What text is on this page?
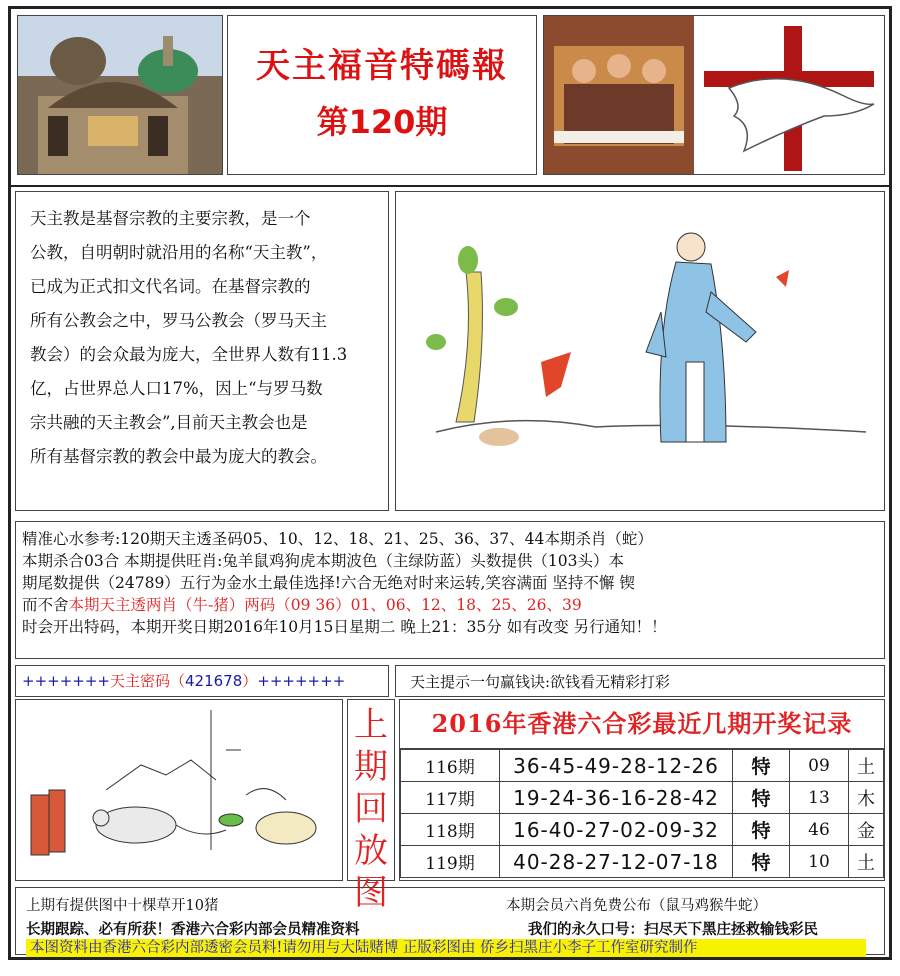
天主福音特碼報
第120期
天主教是基督宗教的主要宗教，是一个
公教，自明朝时就沿用的名称“天主教”，
已成为正式扣文代名词。在基督宗教的
所有公教会之中，罗马公教会（罗马天主
教会）的会众最为庞大，全世界人数有11.3
亿，占世界总人口17%，因上“与罗马数
宗共融的天主教会”,目前天主教会也是
所有基督宗教的教会中最为庞大的教会。
精准心水参考:120期天主透圣码05、10、12、18、21、25、36、37、44本期杀肖（蛇）
本期杀合03合 本期提供旺肖:兔羊鼠鸡狗虎本期波色（主绿防蓝）头数提供（103头）本
期尾数提供（24789）五行为金水土最佳选择!六合无绝对时来运转,笑容满面 坚持不懈 锲
而不舍本期天主透两肖（牛-猪）两码（09 36）01、06、12、18、25、26、39
时会开出特码，本期开奖日期2016年10月15日星期二 晚上21：35分 如有改变 另行通知！！
+++++++天主密码（421678）+++++++	天主提示一句赢钱诀:欲钱看无精彩打彩
上
期
回
放
图
2016年香港六合彩最近几期开奖记录
116期	36-45-49-28-12-26	特	09	土
117期	19-24-36-16-28-42	特	13	木
118期	16-40-27-02-09-32	特	46	金
119期	40-28-27-12-07-18	特	10	土
上期有提供图中十棵草开10猪	本期会员六肖免费公布（鼠马鸡猴牛蛇）
长期跟踪、必有所获！香港六合彩内部会员精准资料	我们的永久口号：扫尽天下黑庄拯救输钱彩民
本图资料由香港六合彩内部透密会员料!请勿用与大陆赌博 正版彩图由 侨乡扫黑庄小李子工作室研究制作
